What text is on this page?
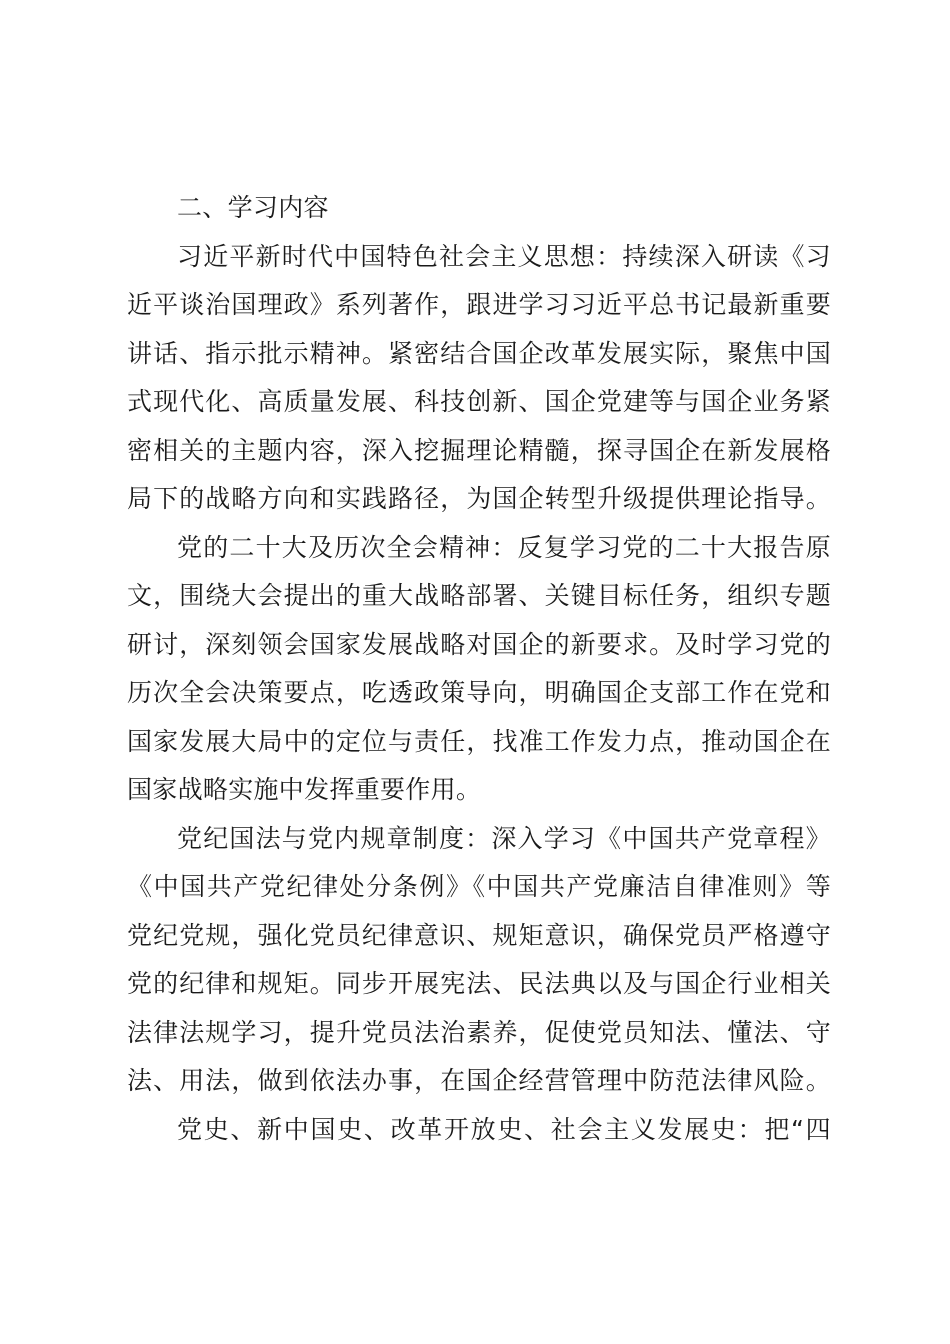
二、学习内容
习近平新时代中国特色社会主义思想：持续深入研读《习
近平谈治国理政》系列著作，跟进学习习近平总书记最新重要
讲话、指示批示精神。紧密结合国企改革发展实际，聚焦中国
式现代化、高质量发展、科技创新、国企党建等与国企业务紧
密相关的主题内容，深入挖掘理论精髓，探寻国企在新发展格
局下的战略方向和实践路径，为国企转型升级提供理论指导。
党的二十大及历次全会精神：反复学习党的二十大报告原
文，围绕大会提出的重大战略部署、关键目标任务，组织专题
研讨，深刻领会国家发展战略对国企的新要求。及时学习党的
历次全会决策要点，吃透政策导向，明确国企支部工作在党和
国家发展大局中的定位与责任，找准工作发力点，推动国企在
国家战略实施中发挥重要作用。
党纪国法与党内规章制度：深入学习《中国共产党章程》
《中国共产党纪律处分条例》《中国共产党廉洁自律准则》等
党纪党规，强化党员纪律意识、规矩意识，确保党员严格遵守
党的纪律和规矩。同步开展宪法、民法典以及与国企行业相关
法律法规学习，提升党员法治素养，促使党员知法、懂法、守
法、用法，做到依法办事，在国企经营管理中防范法律风险。
党史、新中国史、改革开放史、社会主义发展史：把“四
